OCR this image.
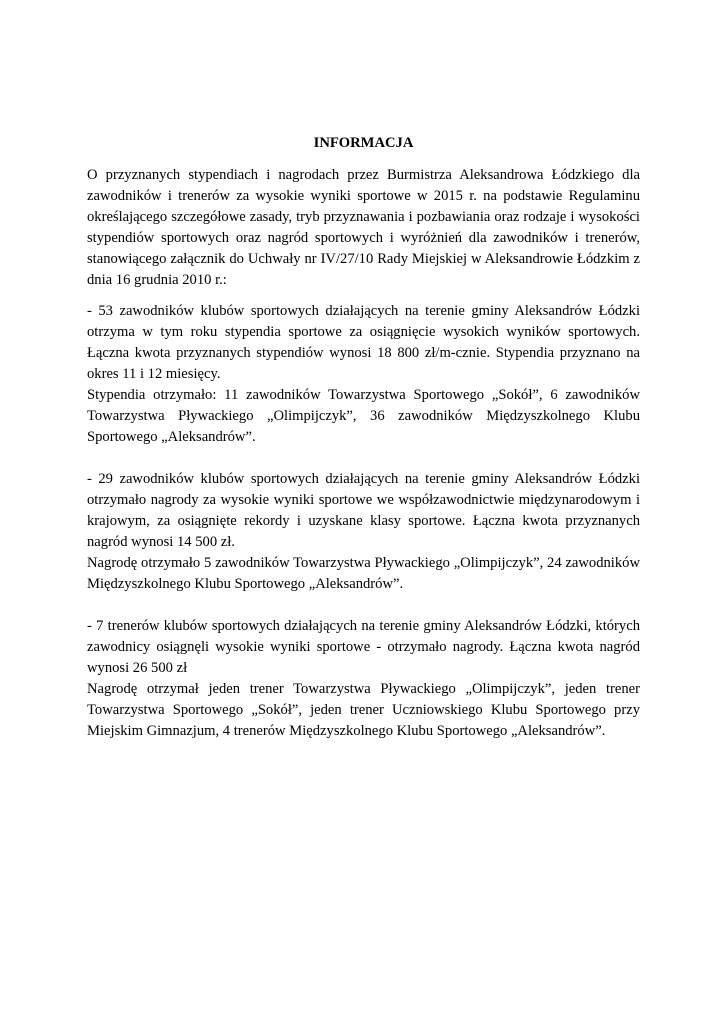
INFORMACJA

O przyznanych stypendiach i nagrodach przez Burmistrza Aleksandrowa Łódzkiego dla zawodników i trenerów za wysokie wyniki sportowe w 2015 r. na podstawie Regulaminu określającego szczegółowe zasady, tryb przyznawania i pozbawiania oraz rodzaje i wysokości stypendiów sportowych oraz nagród sportowych i wyróżnień dla zawodników i trenerów, stanowiącego załącznik do Uchwały nr IV/27/10 Rady Miejskiej w Aleksandrowie Łódzkim z dnia 16 grudnia 2010 r.:

- 53 zawodników klubów sportowych działających na terenie gminy Aleksandrów Łódzki otrzyma w tym roku stypendia sportowe za osiągnięcie wysokich wyników sportowych. Łączna kwota przyznanych stypendiów wynosi 18 800 zł/m-cznie. Stypendia przyznano na okres 11 i 12 miesięcy.

Stypendia otrzymało: 11 zawodników Towarzystwa Sportowego „Sokół”, 6 zawodników Towarzystwa Pływackiego „Olimpijczyk”, 36 zawodników Międzyszkolnego Klubu Sportowego „Aleksandrów”.

- 29 zawodników klubów sportowych działających na terenie gminy Aleksandrów Łódzki otrzymało nagrody za wysokie wyniki sportowe we współzawodnictwie międzynarodowym i krajowym, za osiągnięte rekordy i uzyskane klasy sportowe. Łączna kwota przyznanych nagród wynosi 14 500 zł.

Nagrodę otrzymało 5 zawodników Towarzystwa Pływackiego „Olimpijczyk”, 24 zawodników Międzyszkolnego Klubu Sportowego „Aleksandrów”.

- 7 trenerów klubów sportowych działających na terenie gminy Aleksandrów Łódzki, których zawodnicy osiągnęli wysokie wyniki sportowe - otrzymało nagrody. Łączna kwota nagród wynosi 26 500 zł

Nagrodę otrzymał jeden trener Towarzystwa Pływackiego „Olimpijczyk”, jeden trener Towarzystwa Sportowego „Sokół”, jeden trener Uczniowskiego Klubu Sportowego przy Miejskim Gimnazjum, 4 trenerów Międzyszkolnego Klubu Sportowego „Aleksandrów”.
